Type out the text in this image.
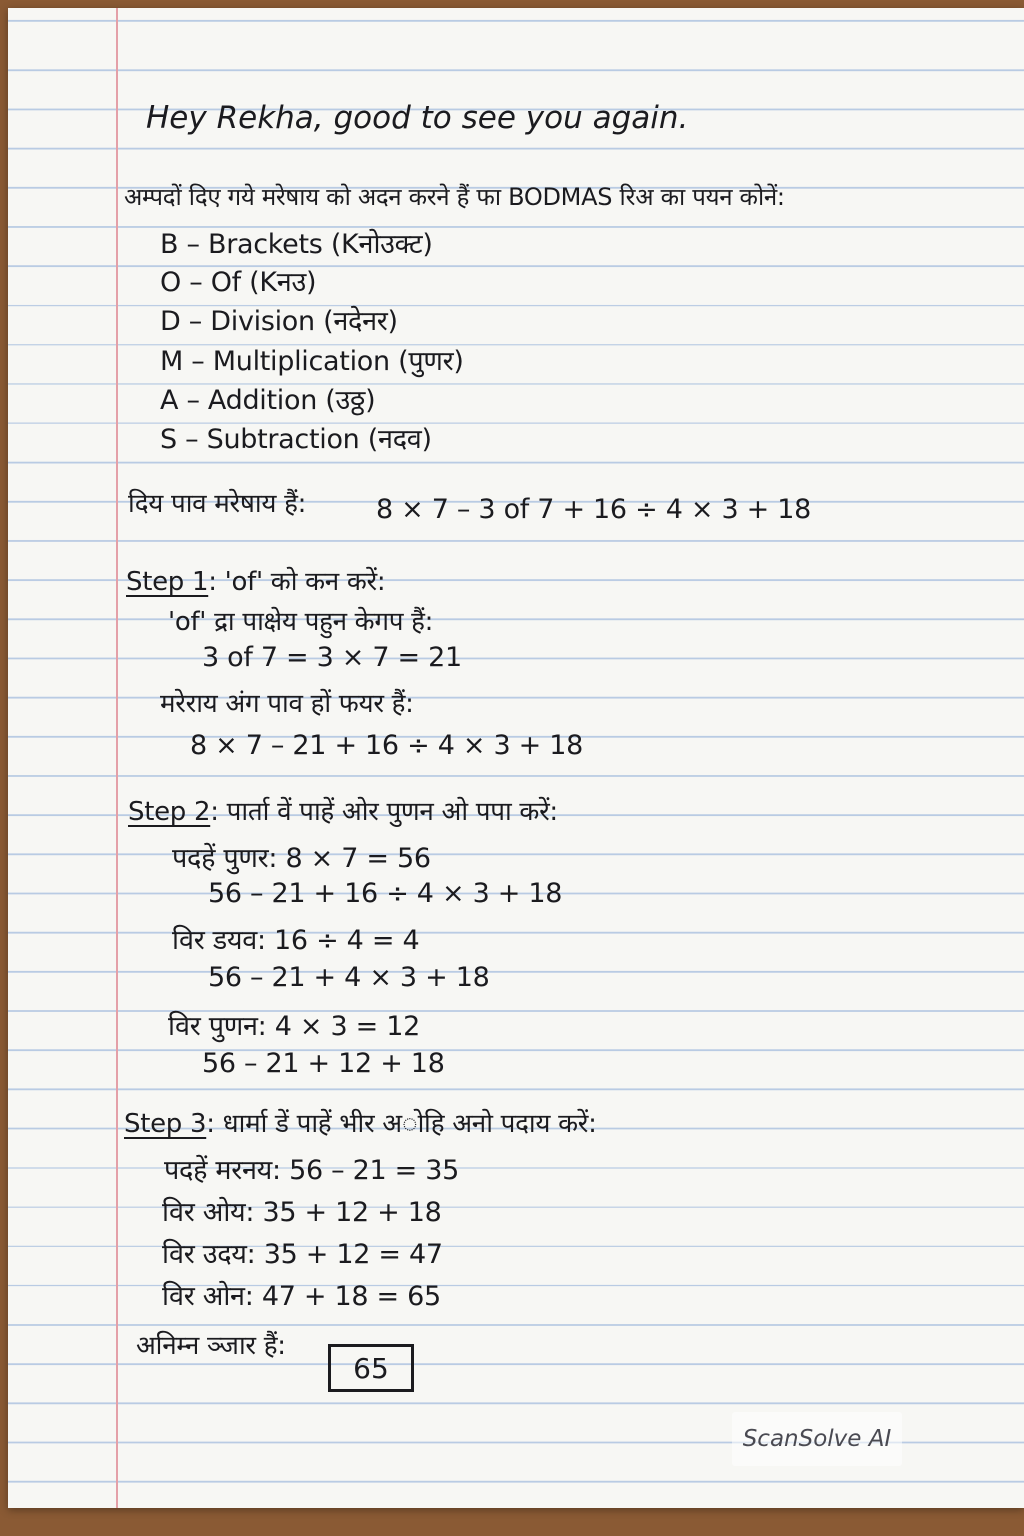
Hey Rekha, good to see you again.
अम्पदों दिए गये मरेषाय को अदन करने हैं फा BODMAS रिअ का पयन कोनें:
B – Brackets (Kनोउक्ट)
O – Of (Kनउ)
D – Division (नदेनर)
M – Multiplication (पुणर)
A – Addition (उठ्ठ)
S – Subtraction (नदव)
दिय पाव मरेषाय हैं:	8 × 7 – 3 of 7 + 16 ÷ 4 × 3 + 18
Step 1: 'of' को कन करें:
'of' द्रा पाक्षेय पहुन केगप हैं:
3 of 7 = 3 × 7 = 21
मरेराय अंग पाव हों फयर हैं:
8 × 7 – 21 + 16 ÷ 4 × 3 + 18
Step 2: पार्ता वें पाहें ओर पुणन ओ पपा करें:
पदहें पुणर: 8 × 7 = 56
56 – 21 + 16 ÷ 4 × 3 + 18
विर डयव: 16 ÷ 4 = 4
56 – 21 + 4 × 3 + 18
विर पुणन: 4 × 3 = 12
56 – 21 + 12 + 18
Step 3: धार्मा डें पाहें भीर अोहि अनो पदाय करें:
पदहें मरनय: 56 – 21 = 35
विर ओय: 35 + 12 + 18
विर उदय: 35 + 12 = 47
विर ओन: 47 + 18 = 65
अनिम्न ञ्जार हैं:
65
ScanSolve AI
